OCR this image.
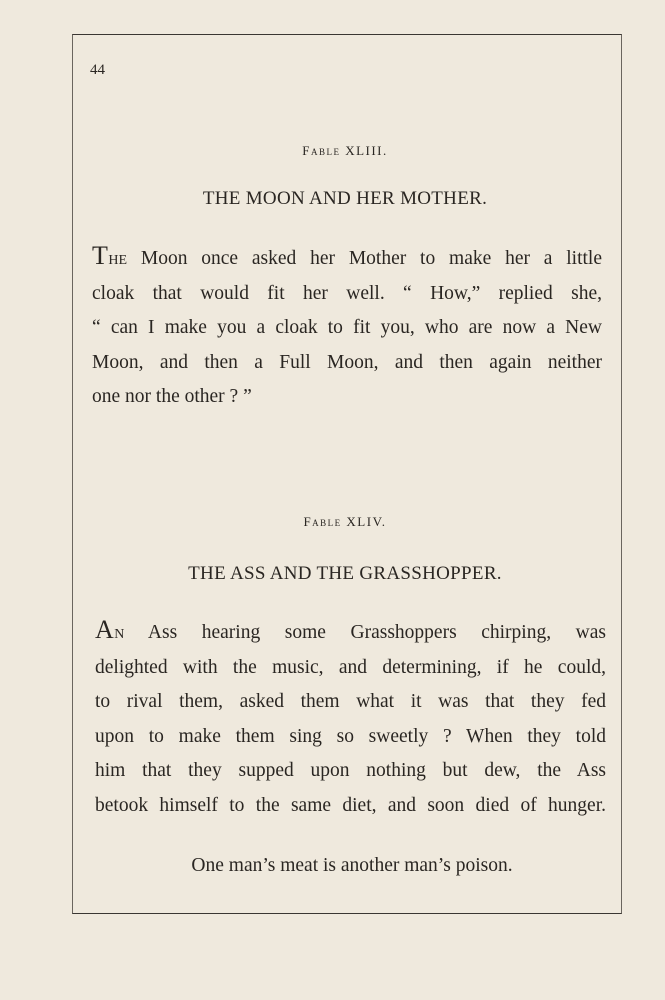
44
Fable XLIII.
THE MOON AND HER MOTHER.
The Moon once asked her Mother to make her a little
cloak that would fit her well. “ How,” replied she,
“ can I make you a cloak to fit you, who are now a New
Moon, and then a Full Moon, and then again neither
one nor the other ? ”
Fable XLIV.
THE ASS AND THE GRASSHOPPER.
An Ass hearing some Grasshoppers chirping, was
delighted with the music, and determining, if he could,
to rival them, asked them what it was that they fed
upon to make them sing so sweetly ? When they told
him that they supped upon nothing but dew, the Ass
betook himself to the same diet, and soon died of hunger.
One man’s meat is another man’s poison.
